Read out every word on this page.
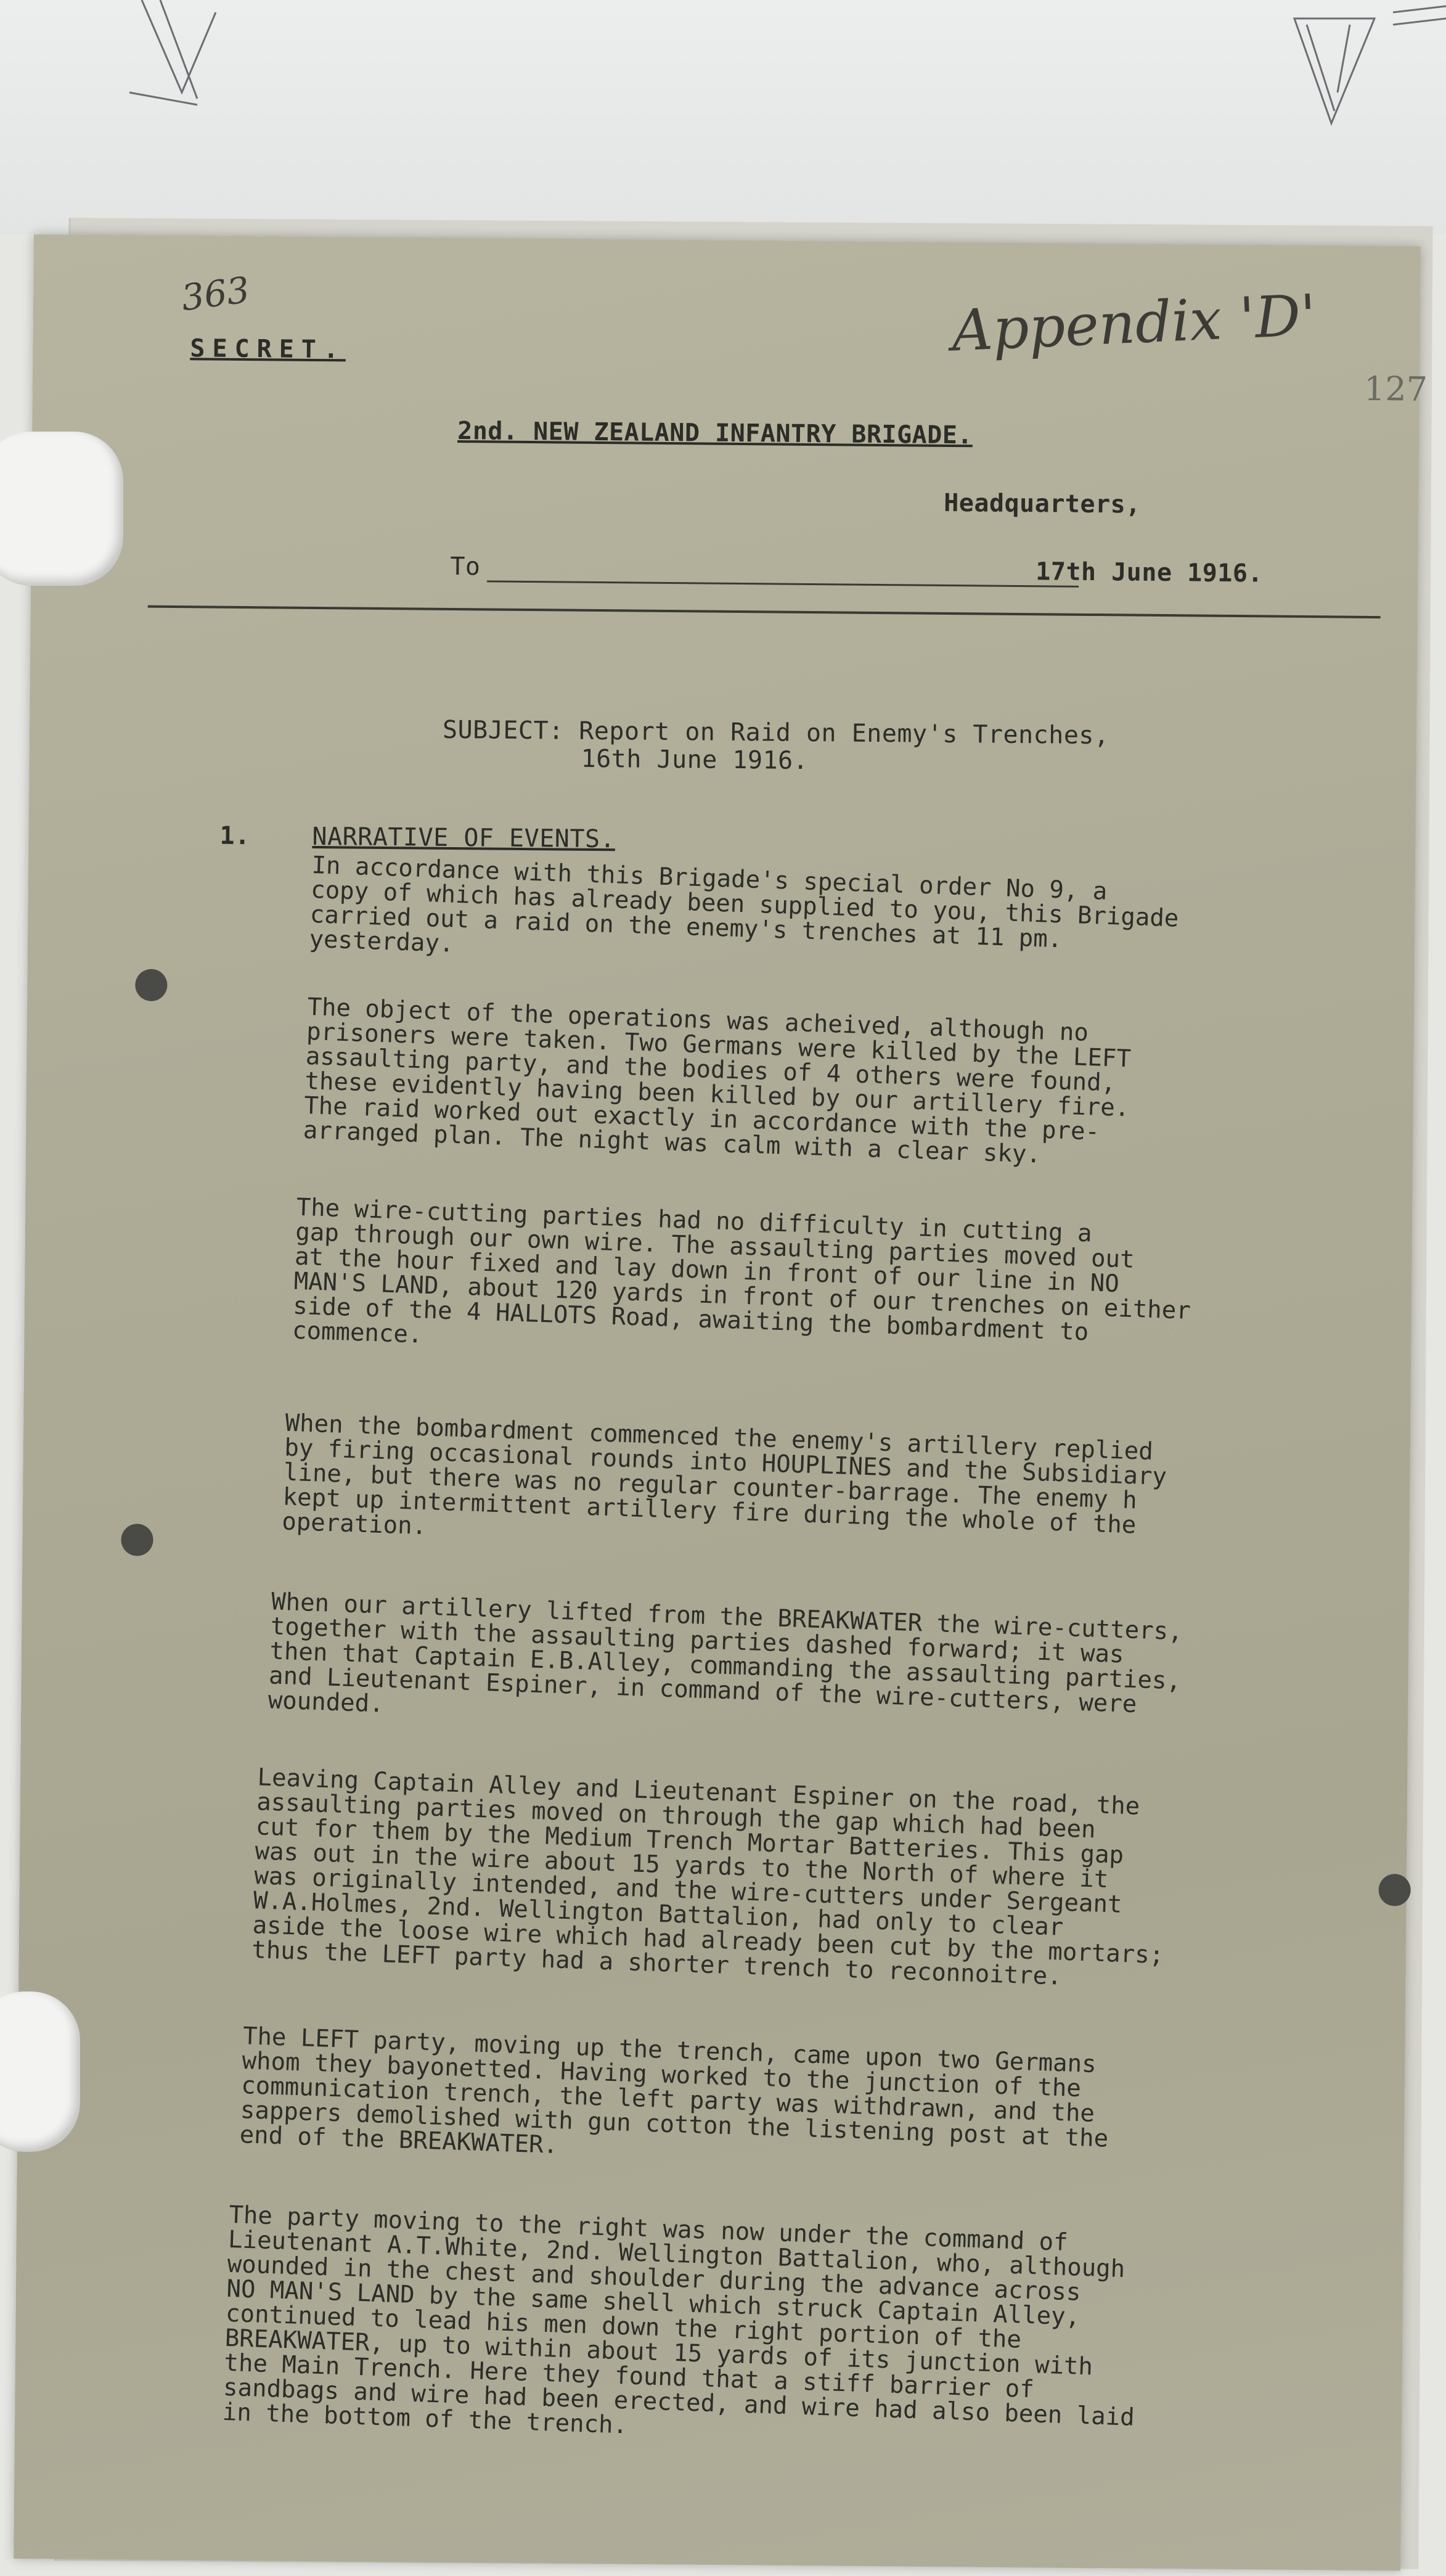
363
SECRET.	Appendix 'D'
127
2nd. NEW ZEALAND INFANTRY BRIGADE.
Headquarters,
To	17th June 1916.
SUBJECT: Report on Raid on Enemy's Trenches,
16th June 1916.
1.	NARRATIVE OF EVENTS.
In accordance with this Brigade's special order No 9, a
copy of which has already been supplied to you, this Brigade
carried out a raid on the enemy's trenches at 11 pm.
yesterday.
The object of the operations was acheived, although no
prisoners were taken. Two Germans were killed by the LEFT
assaulting party, and the bodies of 4 others were found,
these evidently having been killed by our artillery fire.
The raid worked out exactly in accordance with the pre-
arranged plan. The night was calm with a clear sky.
The wire-cutting parties had no difficulty in cutting a
gap through our own wire. The assaulting parties moved out
at the hour fixed and lay down in front of our line in NO
MAN'S LAND, about 120 yards in front of our trenches on either
side of the 4 HALLOTS Road, awaiting the bombardment to
commence.
When the bombardment commenced the enemy's artillery replied
by firing occasional rounds into HOUPLINES and the Subsidiary
line, but there was no regular counter-barrage. The enemy h
kept up intermittent artillery fire during the whole of the
operation.
When our artillery lifted from the BREAKWATER the wire-cutters,
together with the assaulting parties dashed forward; it was
then that Captain E.B.Alley, commanding the assaulting parties,
and Lieutenant Espiner, in command of the wire-cutters, were
wounded.
Leaving Captain Alley and Lieutenant Espiner on the road, the
assaulting parties moved on through the gap which had been
cut for them by the Medium Trench Mortar Batteries. This gap
was out in the wire about 15 yards to the North of where it
was originally intended, and the wire-cutters under Sergeant
W.A.Holmes, 2nd. Wellington Battalion, had only to clear
aside the loose wire which had already been cut by the mortars;
thus the LEFT party had a shorter trench to reconnoitre.
The LEFT party, moving up the trench, came upon two Germans
whom they bayonetted. Having worked to the junction of the
communication trench, the left party was withdrawn, and the
sappers demolished with gun cotton the listening post at the
end of the BREAKWATER.
The party moving to the right was now under the command of
Lieutenant A.T.White, 2nd. Wellington Battalion, who, although
wounded in the chest and shoulder during the advance across
NO MAN'S LAND by the same shell which struck Captain Alley,
continued to lead his men down the right portion of the
BREAKWATER, up to within about 15 yards of its junction with
the Main Trench. Here they found that a stiff barrier of
sandbags and wire had been erected, and wire had also been laid
in the bottom of the trench.
